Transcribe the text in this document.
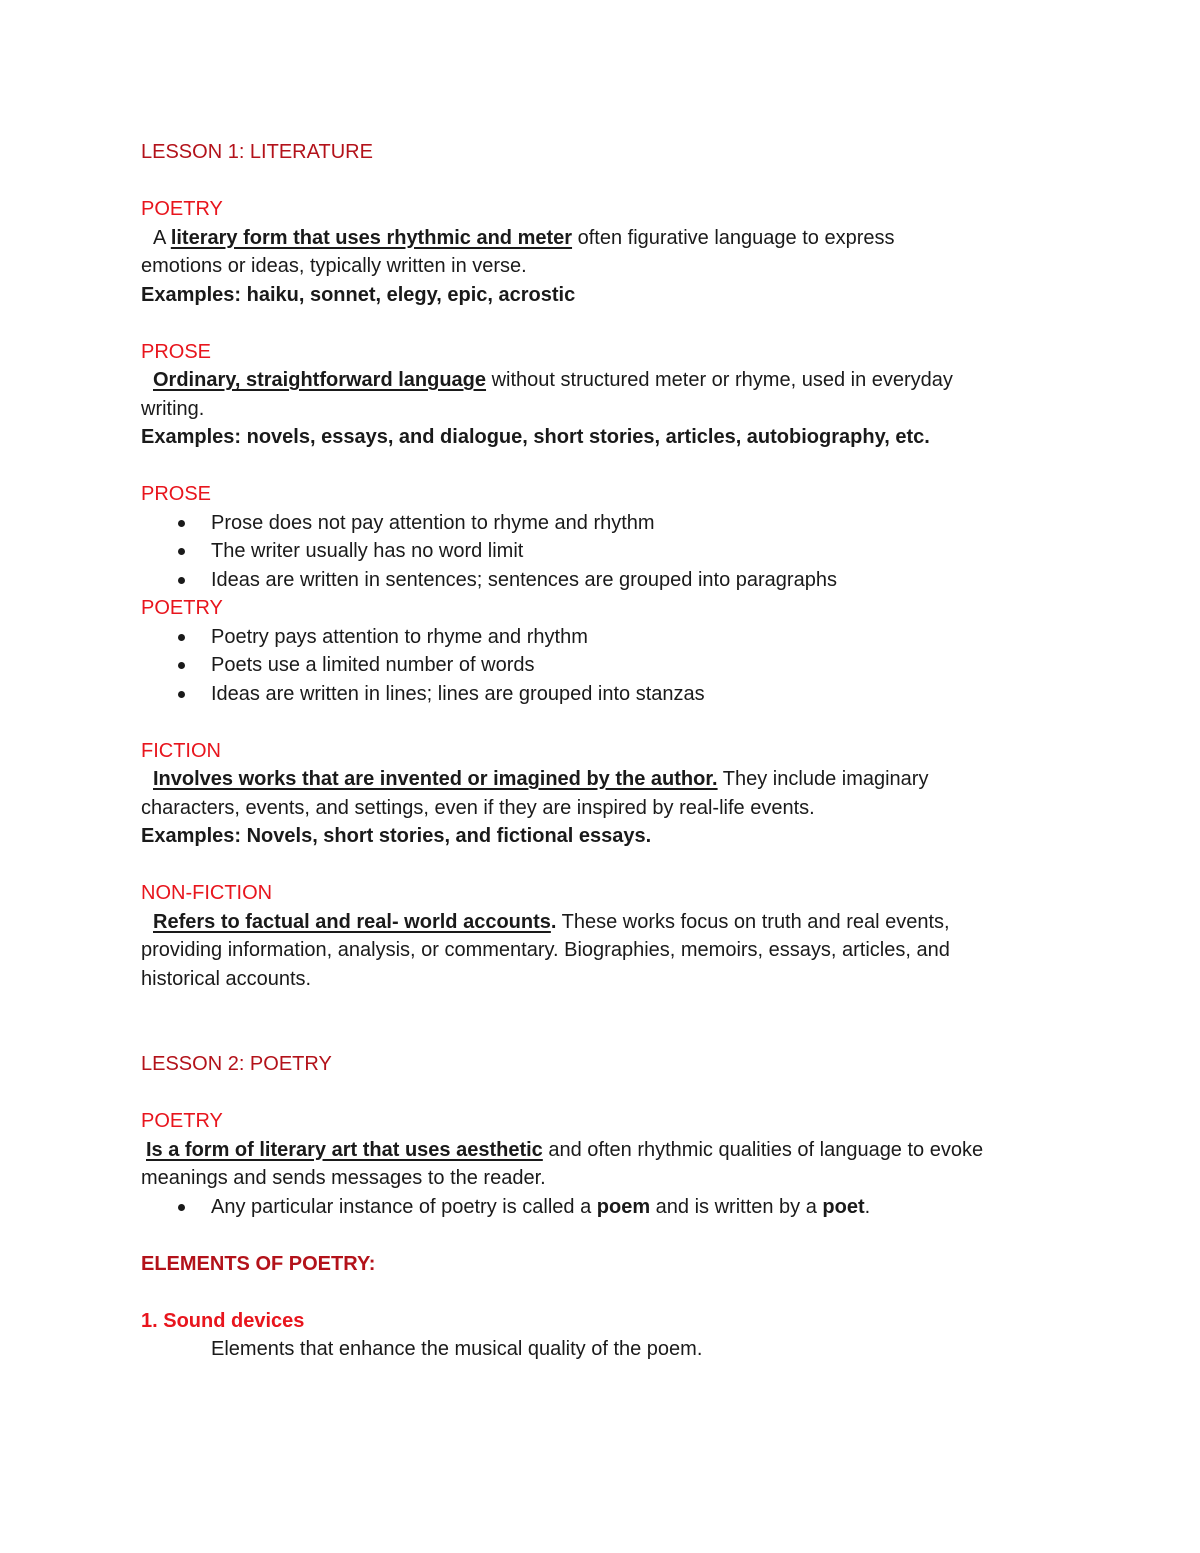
LESSON 1: LITERATURE

POETRY

A literary form that uses rhythmic and meter often figurative language to express

emotions or ideas, typically written in verse.

Examples: haiku, sonnet, elegy, epic, acrostic

PROSE

Ordinary, straightforward language without structured meter or rhyme, used in everyday

writing.

Examples: novels, essays, and dialogue, short stories, articles, autobiography, etc.

PROSE

Prose does not pay attention to rhyme and rhythm
The writer usually has no word limit
Ideas are written in sentences; sentences are grouped into paragraphs

POETRY

Poetry pays attention to rhyme and rhythm
Poets use a limited number of words
Ideas are written in lines; lines are grouped into stanzas

FICTION

Involves works that are invented or imagined by the author. They include imaginary

characters, events, and settings, even if they are inspired by real-life events.

Examples: Novels, short stories, and fictional essays.

NON-FICTION

Refers to factual and real- world accounts. These works focus on truth and real events,

providing information, analysis, or commentary. Biographies, memoirs, essays, articles, and

historical accounts.

LESSON 2: POETRY

POETRY

Is a form of literary art that uses aesthetic and often rhythmic qualities of language to evoke

meanings and sends messages to the reader.

Any particular instance of poetry is called a poem and is written by a poet.

ELEMENTS OF POETRY:

1. Sound devices

Elements that enhance the musical quality of the poem.
